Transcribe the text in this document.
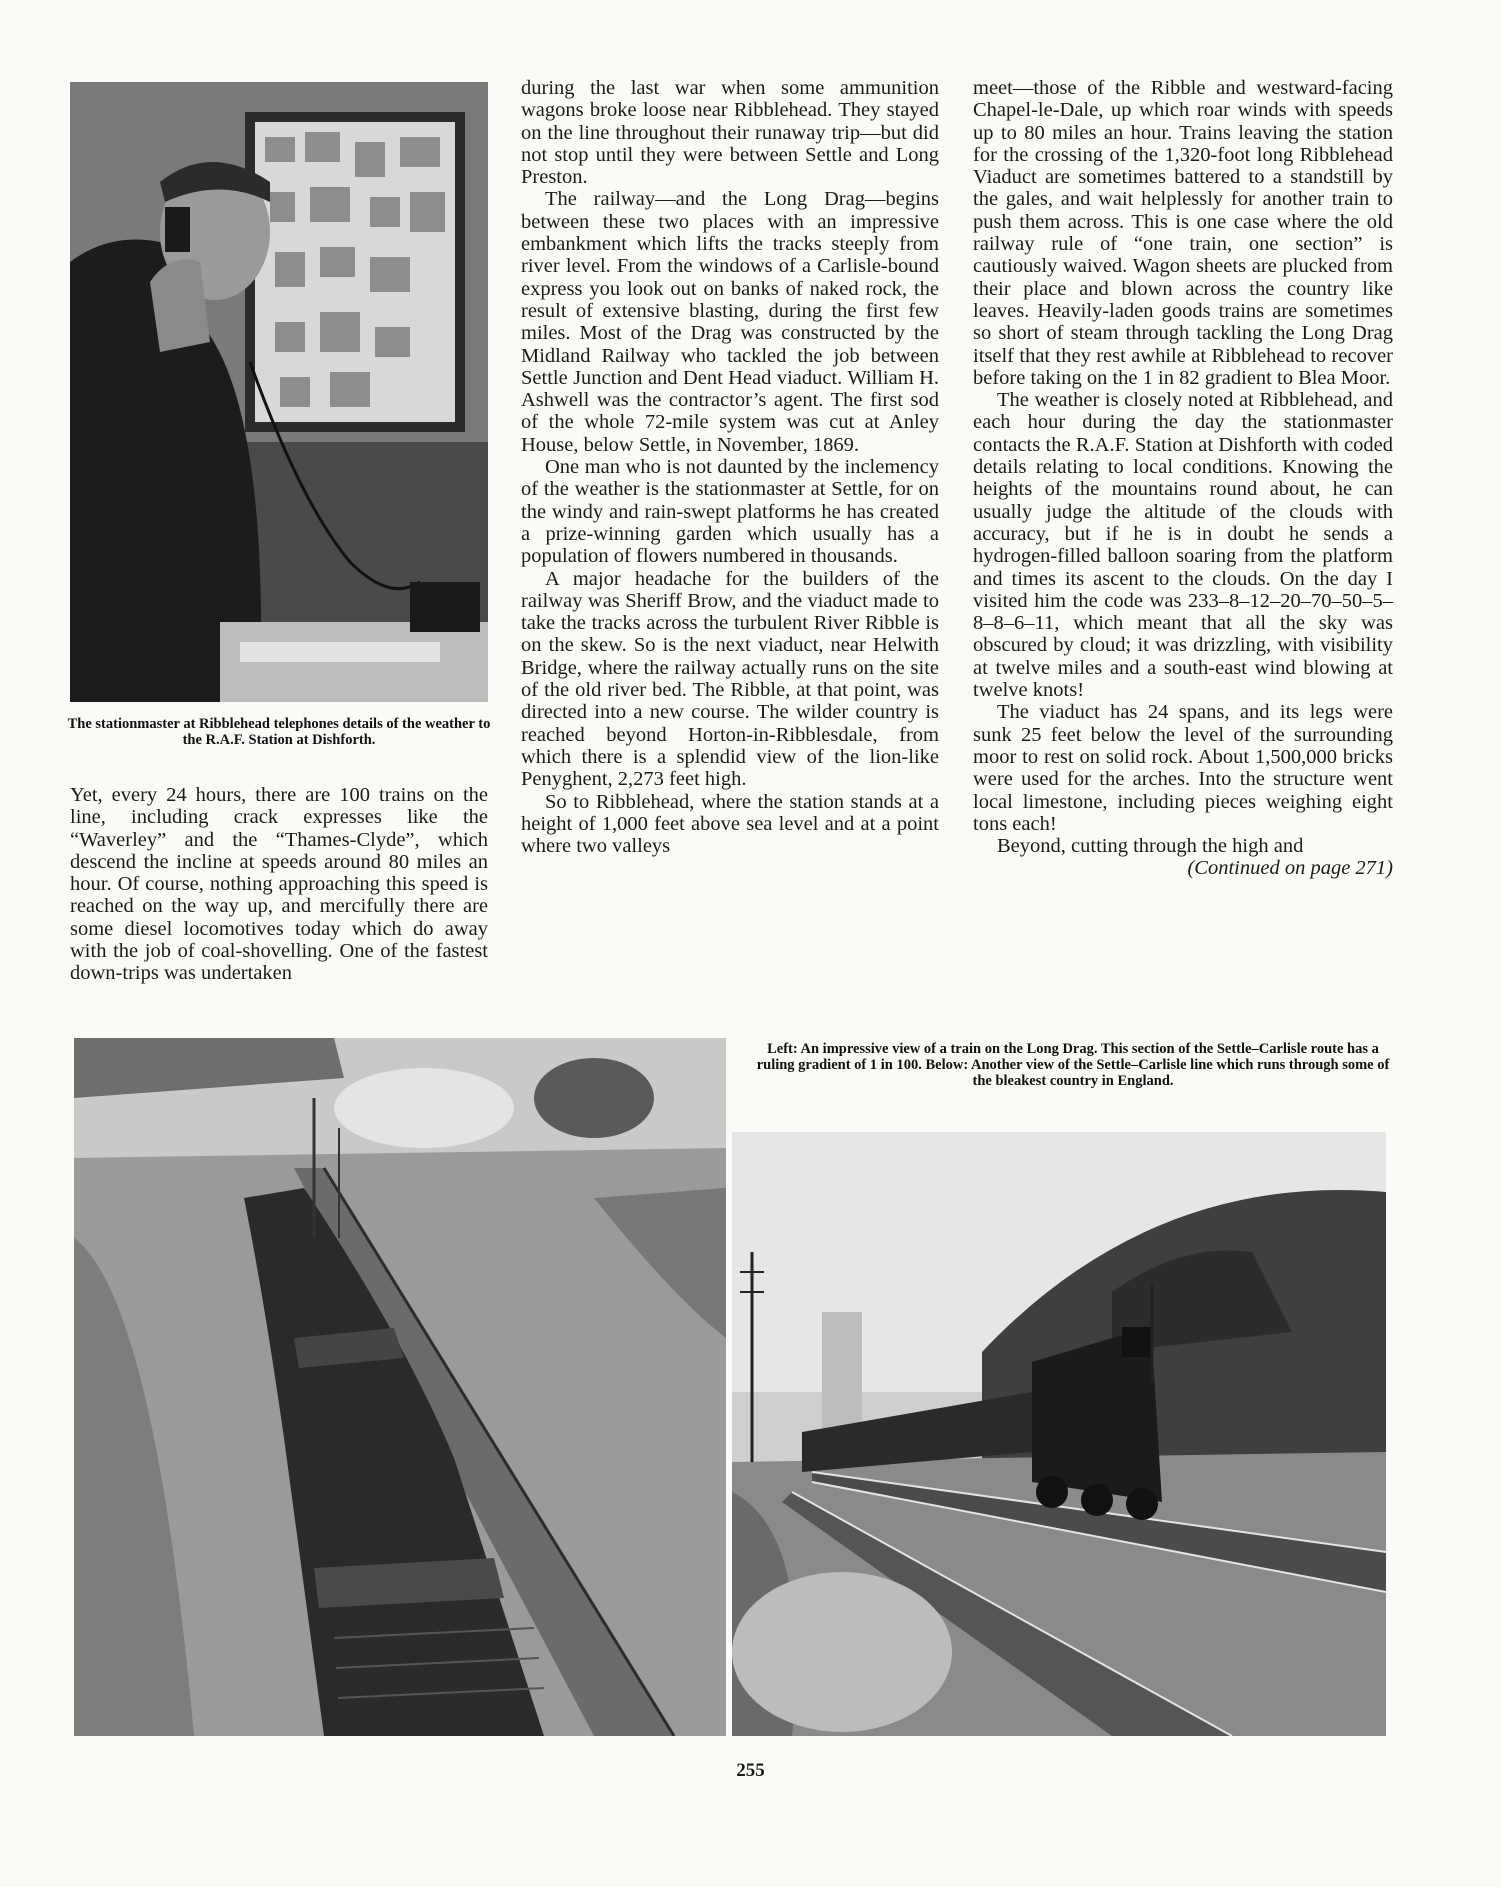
The stationmaster at Ribblehead telephones details of the weather to the R.A.F. Station at Dishforth.

Yet, every 24 hours, there are 100 trains on the line, including crack expresses like the “Waverley” and the “Thames-Clyde”, which descend the incline at speeds around 80 miles an hour. Of course, nothing approaching this speed is reached on the way up, and mercifully there are some diesel locomotives today which do away with the job of coal-shovelling. One of the fastest down-trips was undertaken

during the last war when some ammunition wagons broke loose near Ribblehead. They stayed on the line throughout their runaway trip—but did not stop until they were between Settle and Long Preston.

The railway—and the Long Drag—begins between these two places with an impressive embankment which lifts the tracks steeply from river level. From the windows of a Carlisle-bound express you look out on banks of naked rock, the result of extensive blasting, during the first few miles. Most of the Drag was constructed by the Midland Railway who tackled the job between Settle Junction and Dent Head viaduct. William H. Ashwell was the contractor’s agent. The first sod of the whole 72-mile system was cut at Anley House, below Settle, in November, 1869.

One man who is not daunted by the inclemency of the weather is the stationmaster at Settle, for on the windy and rain-swept platforms he has created a prize-winning garden which usually has a population of flowers numbered in thousands.

A major headache for the builders of the railway was Sheriff Brow, and the viaduct made to take the tracks across the turbulent River Ribble is on the skew. So is the next viaduct, near Helwith Bridge, where the railway actually runs on the site of the old river bed. The Ribble, at that point, was directed into a new course. The wilder country is reached beyond Horton-in-Ribblesdale, from which there is a splendid view of the lion-like Penyghent, 2,273 feet high.

So to Ribblehead, where the station stands at a height of 1,000 feet above sea level and at a point where two valleys

meet—those of the Ribble and westward-facing Chapel-le-Dale, up which roar winds with speeds up to 80 miles an hour. Trains leaving the station for the crossing of the 1,320-foot long Ribblehead Viaduct are sometimes battered to a standstill by the gales, and wait helplessly for another train to push them across. This is one case where the old railway rule of “one train, one section” is cautiously waived. Wagon sheets are plucked from their place and blown across the country like leaves. Heavily-laden goods trains are sometimes so short of steam through tackling the Long Drag itself that they rest awhile at Ribblehead to recover before taking on the 1 in 82 gradient to Blea Moor.

The weather is closely noted at Ribblehead, and each hour during the day the stationmaster contacts the R.A.F. Station at Dishforth with coded details relating to local conditions. Knowing the heights of the mountains round about, he can usually judge the altitude of the clouds with accuracy, but if he is in doubt he sends a hydrogen-filled balloon soaring from the platform and times its ascent to the clouds. On the day I visited him the code was 233–8–12–20–70–50–5–8–8–6–11, which meant that all the sky was obscured by cloud; it was drizzling, with visibility at twelve miles and a south-east wind blowing at twelve knots!

The viaduct has 24 spans, and its legs were sunk 25 feet below the level of the surrounding moor to rest on solid rock. About 1,500,000 bricks were used for the arches. Into the structure went local limestone, including pieces weighing eight tons each!

Beyond, cutting through the high and

(Continued on page 271)

Left: An impressive view of a train on the Long Drag. This section of the Settle–Carlisle route has a ruling gradient of 1 in 100. Below: Another view of the Settle–Carlisle line which runs through some of the bleakest country in England.
255
